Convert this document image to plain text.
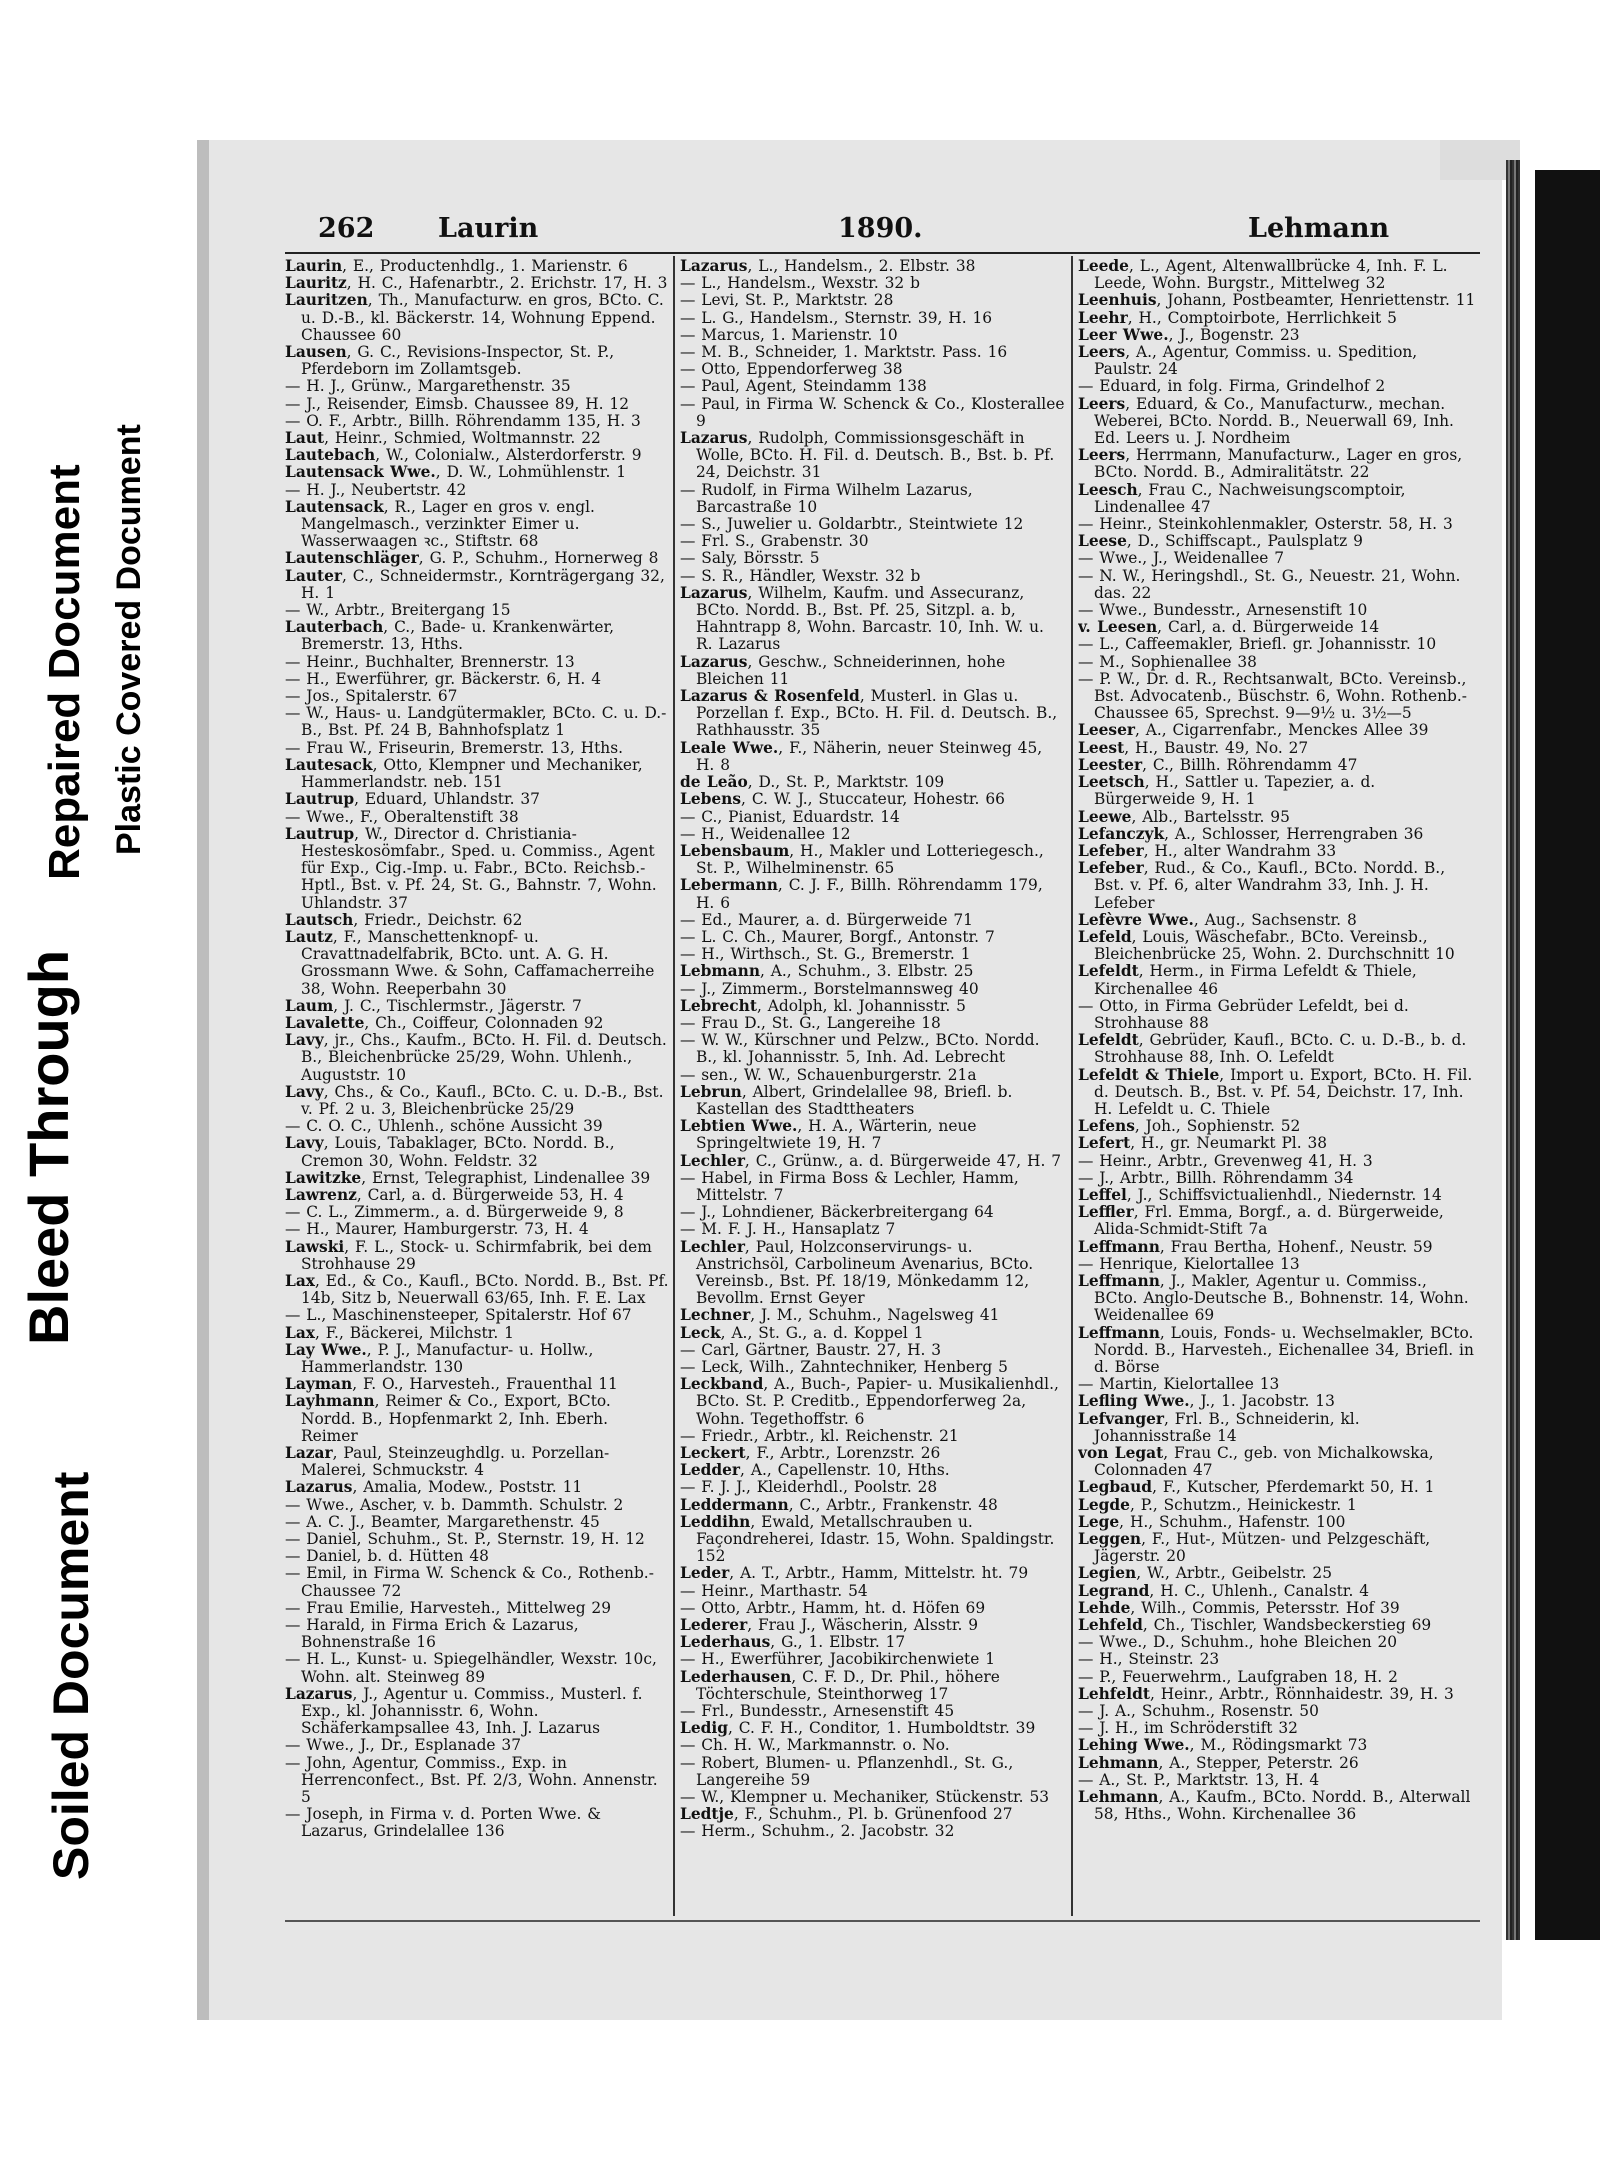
Soiled Document
Bleed Through
Repaired Document Plastic Covered Document
262 Laurin	1890.	Lehmann

Laurin, E., Productenhdlg., 1. Marienstr. 6

Lauritz, H. C., Hafenarbtr., 2. Erichstr. 17, H. 3

Lauritzen, Th., Manufacturw. en gros, BCto. C. u. D.-B., kl. Bäckerstr. 14, Wohnung Eppend. Chaussee 60

Lausen, G. C., Revisions-Inspector, St. P., Pferdeborn im Zollamtsgeb.

— H. J., Grünw., Margarethenstr. 35

— J., Reisender, Eimsb. Chaussee 89, H. 12

— O. F., Arbtr., Billh. Röhrendamm 135, H. 3

Laut, Heinr., Schmied, Woltmannstr. 22

Lautebach, W., Colonialw., Alsterdorferstr. 9

Lautensack Wwe., D. W., Lohmühlenstr. 1

— H. J., Neubertstr. 42

Lautensack, R., Lager en gros v. engl. Mangelmasch., verzinkter Eimer u. Wasserwaagen ꝛc., Stiftstr. 68

Lautenschläger, G. P., Schuhm., Hornerweg 8

Lauter, C., Schneidermstr., Kornträgergang 32, H. 1

— W., Arbtr., Breitergang 15

Lauterbach, C., Bade- u. Krankenwärter, Bremerstr. 13, Hths.

— Heinr., Buchhalter, Brennerstr. 13

— H., Ewerführer, gr. Bäckerstr. 6, H. 4

— Jos., Spitalerstr. 67

— W., Haus- u. Landgütermakler, BCto. C. u. D.-B., Bst. Pf. 24 B, Bahnhofsplatz 1

— Frau W., Friseurin, Bremerstr. 13, Hths.

Lautesack, Otto, Klempner und Mechaniker, Hammerlandstr. neb. 151

Lautrup, Eduard, Uhlandstr. 37

— Wwe., F., Oberaltenstift 38

Lautrup, W., Director d. Christiania-Hesteskosömfabr., Sped. u. Commiss., Agent für Exp., Cig.-Imp. u. Fabr., BCto. Reichsb.-Hptl., Bst. v. Pf. 24, St. G., Bahnstr. 7, Wohn. Uhlandstr. 37

Lautsch, Friedr., Deichstr. 62

Lautz, F., Manschettenknopf- u. Cravattnadelfabrik, BCto. unt. A. G. H. Grossmann Wwe. & Sohn, Caffamacherreihe 38, Wohn. Reeperbahn 30

Laum, J. C., Tischlermstr., Jägerstr. 7

Lavalette, Ch., Coiffeur, Colonnaden 92

Lavy, jr., Chs., Kaufm., BCto. H. Fil. d. Deutsch. B., Bleichenbrücke 25/29, Wohn. Uhlenh., Auguststr. 10

Lavy, Chs., & Co., Kaufl., BCto. C. u. D.-B., Bst. v. Pf. 2 u. 3, Bleichenbrücke 25/29

— C. O. C., Uhlenh., schöne Aussicht 39

Lavy, Louis, Tabaklager, BCto. Nordd. B., Cremon 30, Wohn. Feldstr. 32

Lawitzke, Ernst, Telegraphist, Lindenallee 39

Lawrenz, Carl, a. d. Bürgerweide 53, H. 4

— C. L., Zimmerm., a. d. Bürgerweide 9, 8

— H., Maurer, Hamburgerstr. 73, H. 4

Lawski, F. L., Stock- u. Schirmfabrik, bei dem Strohhause 29

Lax, Ed., & Co., Kaufl., BCto. Nordd. B., Bst. Pf. 14b, Sitz b, Neuerwall 63/65, Inh. F. E. Lax

— L., Maschinensteeper, Spitalerstr. Hof 67

Lax, F., Bäckerei, Milchstr. 1

Lay Wwe., P. J., Manufactur- u. Hollw., Hammerlandstr. 130

Layman, F. O., Harvesteh., Frauenthal 11

Layhmann, Reimer & Co., Export, BCto. Nordd. B., Hopfenmarkt 2, Inh. Eberh. Reimer

Lazar, Paul, Steinzeughdlg. u. Porzellan-Malerei, Schmuckstr. 4

Lazarus, Amalia, Modew., Poststr. 11

— Wwe., Ascher, v. b. Dammth. Schulstr. 2

— A. C. J., Beamter, Margarethenstr. 45

— Daniel, Schuhm., St. P., Sternstr. 19, H. 12

— Daniel, b. d. Hütten 48

— Emil, in Firma W. Schenck & Co., Rothenb.-Chaussee 72

— Frau Emilie, Harvesteh., Mittelweg 29

— Harald, in Firma Erich & Lazarus, Bohnenstraße 16

— H. L., Kunst- u. Spiegelhändler, Wexstr. 10c, Wohn. alt. Steinweg 89

Lazarus, J., Agentur u. Commiss., Musterl. f. Exp., kl. Johannisstr. 6, Wohn. Schäferkampsallee 43, Inh. J. Lazarus

— Wwe., J., Dr., Esplanade 37

— John, Agentur, Commiss., Exp. in Herrenconfect., Bst. Pf. 2/3, Wohn. Annenstr. 5

— Joseph, in Firma v. d. Porten Wwe. & Lazarus, Grindelallee 136

Lazarus, L., Handelsm., 2. Elbstr. 38

— L., Handelsm., Wexstr. 32 b

— Levi, St. P., Marktstr. 28

— L. G., Handelsm., Sternstr. 39, H. 16

— Marcus, 1. Marienstr. 10

— M. B., Schneider, 1. Marktstr. Pass. 16

— Otto, Eppendorferweg 38

— Paul, Agent, Steindamm 138

— Paul, in Firma W. Schenck & Co., Klosterallee 9

Lazarus, Rudolph, Commissionsgeschäft in Wolle, BCto. H. Fil. d. Deutsch. B., Bst. b. Pf. 24, Deichstr. 31

— Rudolf, in Firma Wilhelm Lazarus, Barcastraße 10

— S., Juwelier u. Goldarbtr., Steintwiete 12

— Frl. S., Grabenstr. 30

— Saly, Börsstr. 5

— S. R., Händler, Wexstr. 32 b

Lazarus, Wilhelm, Kaufm. und Assecuranz, BCto. Nordd. B., Bst. Pf. 25, Sitzpl. a. b, Hahntrapp 8, Wohn. Barcastr. 10, Inh. W. u. R. Lazarus

Lazarus, Geschw., Schneiderinnen, hohe Bleichen 11

Lazarus & Rosenfeld, Musterl. in Glas u. Porzellan f. Exp., BCto. H. Fil. d. Deutsch. B., Rathhausstr. 35

Leale Wwe., F., Näherin, neuer Steinweg 45, H. 8

de Leão, D., St. P., Marktstr. 109

Lebens, C. W. J., Stuccateur, Hohestr. 66

— C., Pianist, Eduardstr. 14

— H., Weidenallee 12

Lebensbaum, H., Makler und Lotteriegesch., St. P., Wilhelminenstr. 65

Lebermann, C. J. F., Billh. Röhrendamm 179, H. 6

— Ed., Maurer, a. d. Bürgerweide 71

— L. C. Ch., Maurer, Borgf., Antonstr. 7

— H., Wirthsch., St. G., Bremerstr. 1

Lebmann, A., Schuhm., 3. Elbstr. 25

— J., Zimmerm., Borstelmannsweg 40

Lebrecht, Adolph, kl. Johannisstr. 5

— Frau D., St. G., Langereihe 18

— W. W., Kürschner und Pelzw., BCto. Nordd. B., kl. Johannisstr. 5, Inh. Ad. Lebrecht

— sen., W. W., Schauenburgerstr. 21a

Lebrun, Albert, Grindelallee 98, Briefl. b. Kastellan des Stadttheaters

Lebtien Wwe., H. A., Wärterin, neue Springeltwiete 19, H. 7

Lechler, C., Grünw., a. d. Bürgerweide 47, H. 7

— Habel, in Firma Boss & Lechler, Hamm, Mittelstr. 7

— J., Lohndiener, Bäckerbreitergang 64

— M. F. J. H., Hansaplatz 7

Lechler, Paul, Holzconservirungs- u. Anstrichsöl, Carbolineum Avenarius, BCto. Vereinsb., Bst. Pf. 18/19, Mönkedamm 12, Bevollm. Ernst Geyer

Lechner, J. M., Schuhm., Nagelsweg 41

Leck, A., St. G., a. d. Koppel 1

— Carl, Gärtner, Baustr. 27, H. 3

— Leck, Wilh., Zahntechniker, Henberg 5

Leckband, A., Buch-, Papier- u. Musikalienhdl., BCto. St. P. Creditb., Eppendorferweg 2a, Wohn. Tegethoffstr. 6

— Friedr., Arbtr., kl. Reichenstr. 21

Leckert, F., Arbtr., Lorenzstr. 26

Ledder, A., Capellenstr. 10, Hths.

— F. J. J., Kleiderhdl., Poolstr. 28

Leddermann, C., Arbtr., Frankenstr. 48

Leddihn, Ewald, Metallschrauben u. Façondreherei, Idastr. 15, Wohn. Spaldingstr. 152

Leder, A. T., Arbtr., Hamm, Mittelstr. ht. 79

— Heinr., Marthastr. 54

— Otto, Arbtr., Hamm, ht. d. Höfen 69

Lederer, Frau J., Wäscherin, Alsstr. 9

Lederhaus, G., 1. Elbstr. 17

— H., Ewerführer, Jacobikirchenwiete 1

Lederhausen, C. F. D., Dr. Phil., höhere Töchterschule, Steinthorweg 17

— Frl., Bundesstr., Arnesenstift 45

Ledig, C. F. H., Conditor, 1. Humboldtstr. 39

— Ch. H. W., Markmannstr. o. No.

— Robert, Blumen- u. Pflanzenhdl., St. G., Langereihe 59

— W., Klempner u. Mechaniker, Stückenstr. 53

Ledtje, F., Schuhm., Pl. b. Grünenfood 27

— Herm., Schuhm., 2. Jacobstr. 32

Leede, L., Agent, Altenwallbrücke 4, Inh. F. L. Leede, Wohn. Burgstr., Mittelweg 32

Leenhuis, Johann, Postbeamter, Henriettenstr. 11

Leehr, H., Comptoirbote, Herrlichkeit 5

Leer Wwe., J., Bogenstr. 23

Leers, A., Agentur, Commiss. u. Spedition, Paulstr. 24

— Eduard, in folg. Firma, Grindelhof 2

Leers, Eduard, & Co., Manufacturw., mechan. Weberei, BCto. Nordd. B., Neuerwall 69, Inh. Ed. Leers u. J. Nordheim

Leers, Herrmann, Manufacturw., Lager en gros, BCto. Nordd. B., Admiralitätstr. 22

Leesch, Frau C., Nachweisungscomptoir, Lindenallee 47

— Heinr., Steinkohlenmakler, Osterstr. 58, H. 3

Leese, D., Schiffscapt., Paulsplatz 9

— Wwe., J., Weidenallee 7

— N. W., Heringshdl., St. G., Neuestr. 21, Wohn. das. 22

— Wwe., Bundesstr., Arnesenstift 10

v. Leesen, Carl, a. d. Bürgerweide 14

— L., Caffeemakler, Briefl. gr. Johannisstr. 10

— M., Sophienallee 38

— P. W., Dr. d. R., Rechtsanwalt, BCto. Vereinsb., Bst. Advocatenb., Büschstr. 6, Wohn. Rothenb.-Chaussee 65, Sprechst. 9—9½ u. 3½—5

Leeser, A., Cigarrenfabr., Menckes Allee 39

Leest, H., Baustr. 49, No. 27

Leester, C., Billh. Röhrendamm 47

Leetsch, H., Sattler u. Tapezier, a. d. Bürgerweide 9, H. 1

Leewe, Alb., Bartelsstr. 95

Lefanczyk, A., Schlosser, Herrengraben 36

Lefeber, H., alter Wandrahm 33

Lefeber, Rud., & Co., Kaufl., BCto. Nordd. B., Bst. v. Pf. 6, alter Wandrahm 33, Inh. J. H. Lefeber

Lefèvre Wwe., Aug., Sachsenstr. 8

Lefeld, Louis, Wäschefabr., BCto. Vereinsb., Bleichenbrücke 25, Wohn. 2. Durchschnitt 10

Lefeldt, Herm., in Firma Lefeldt & Thiele, Kirchenallee 46

— Otto, in Firma Gebrüder Lefeldt, bei d. Strohhause 88

Lefeldt, Gebrüder, Kaufl., BCto. C. u. D.-B., b. d. Strohhause 88, Inh. O. Lefeldt

Lefeldt & Thiele, Import u. Export, BCto. H. Fil. d. Deutsch. B., Bst. v. Pf. 54, Deichstr. 17, Inh. H. Lefeldt u. C. Thiele

Lefens, Joh., Sophienstr. 52

Lefert, H., gr. Neumarkt Pl. 38

— Heinr., Arbtr., Grevenweg 41, H. 3

— J., Arbtr., Billh. Röhrendamm 34

Leffel, J., Schiffsvictualienhdl., Niedernstr. 14

Leffler, Frl. Emma, Borgf., a. d. Bürgerweide, Alida-Schmidt-Stift 7a

Leffmann, Frau Bertha, Hohenf., Neustr. 59

— Henrique, Kielortallee 13

Leffmann, J., Makler, Agentur u. Commiss., BCto. Anglo-Deutsche B., Bohnenstr. 14, Wohn. Weidenallee 69

Leffmann, Louis, Fonds- u. Wechselmakler, BCto. Nordd. B., Harvesteh., Eichenallee 34, Briefl. in d. Börse

— Martin, Kielortallee 13

Lefling Wwe., J., 1. Jacobstr. 13

Lefvanger, Frl. B., Schneiderin, kl. Johannisstraße 14

von Legat, Frau C., geb. von Michalkowska, Colonnaden 47

Legbaud, F., Kutscher, Pferdemarkt 50, H. 1

Legde, P., Schutzm., Heinickestr. 1

Lege, H., Schuhm., Hafenstr. 100

Leggen, F., Hut-, Mützen- und Pelzgeschäft, Jägerstr. 20

Legien, W., Arbtr., Geibelstr. 25

Legrand, H. C., Uhlenh., Canalstr. 4

Lehde, Wilh., Commis, Petersstr. Hof 39

Lehfeld, Ch., Tischler, Wandsbeckerstieg 69

— Wwe., D., Schuhm., hohe Bleichen 20

— H., Steinstr. 23

— P., Feuerwehrm., Laufgraben 18, H. 2

Lehfeldt, Heinr., Arbtr., Rönnhaidestr. 39, H. 3

— J. A., Schuhm., Rosenstr. 50

— J. H., im Schröderstift 32

Lehing Wwe., M., Rödingsmarkt 73

Lehmann, A., Stepper, Peterstr. 26

— A., St. P., Marktstr. 13, H. 4

Lehmann, A., Kaufm., BCto. Nordd. B., Alterwall 58, Hths., Wohn. Kirchenallee 36
